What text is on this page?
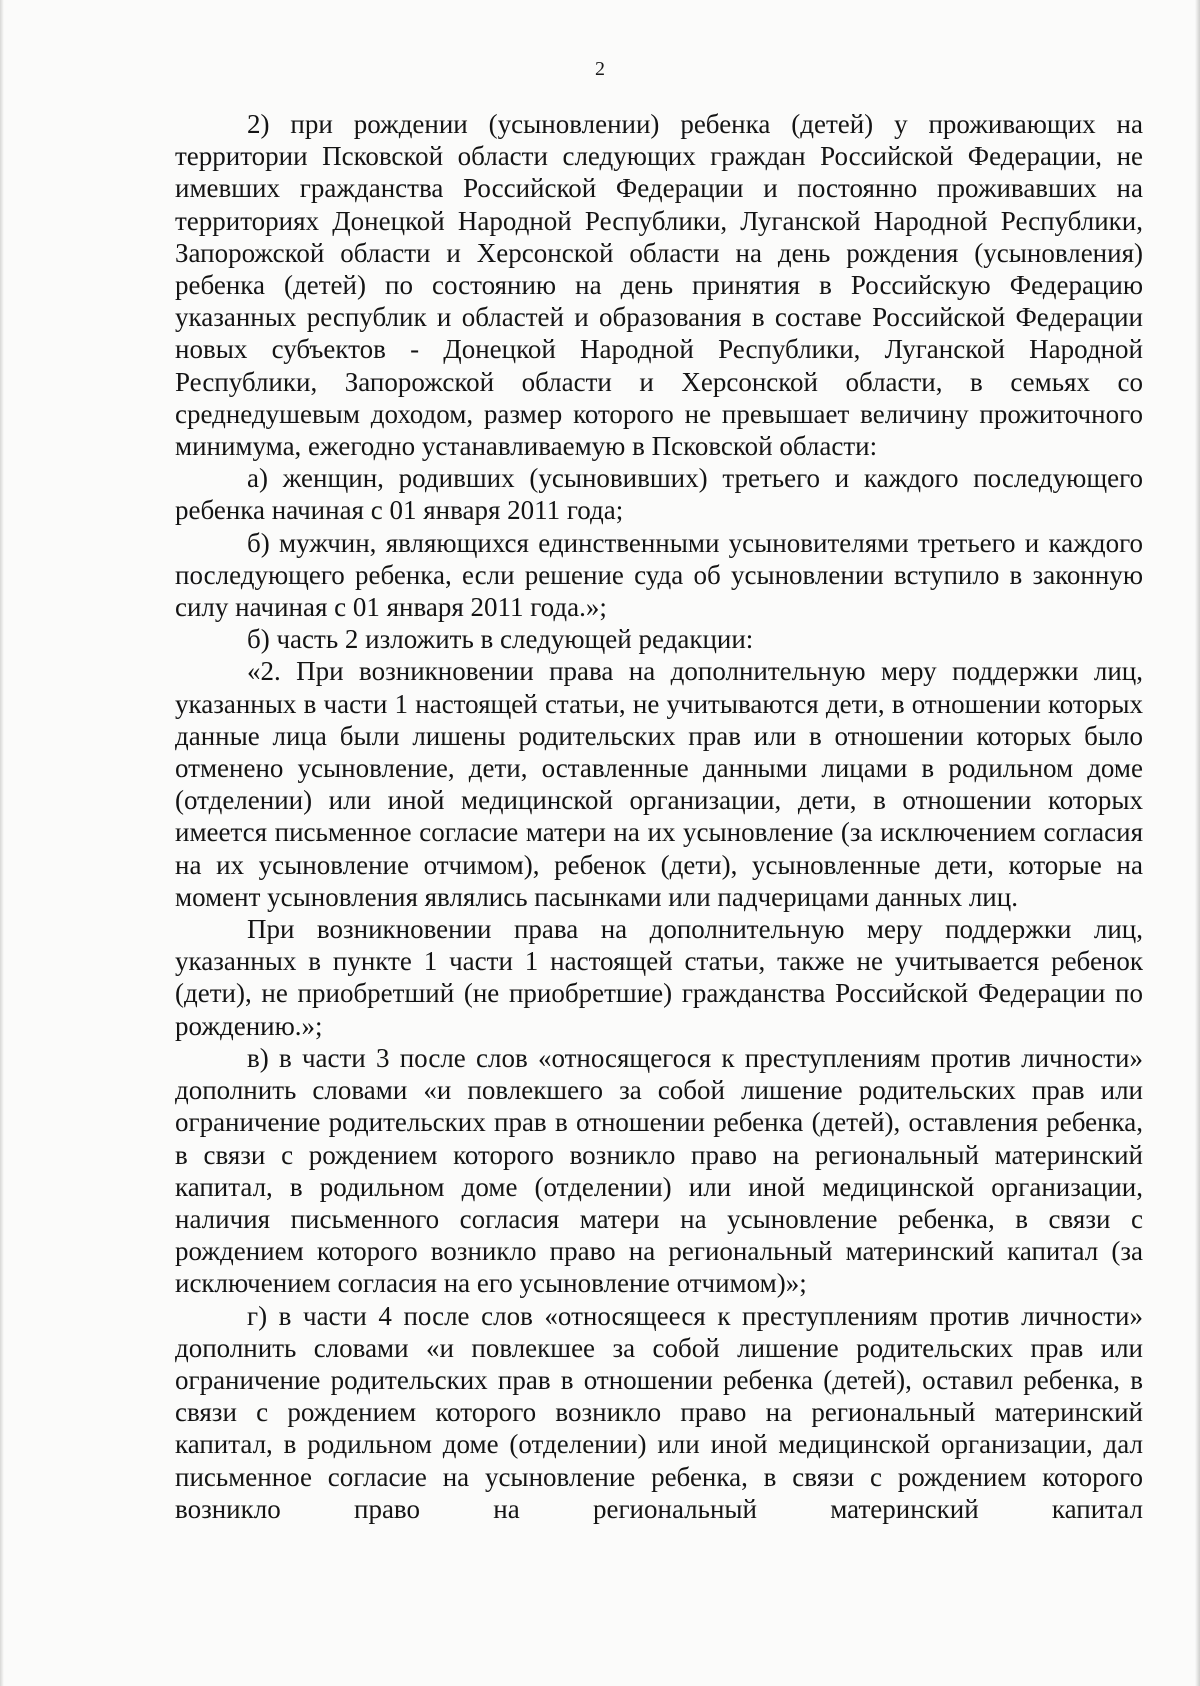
2

2) при рождении (усыновлении) ребенка (детей) у проживающих на территории Псковской области следующих граждан Российской Федерации, не имевших гражданства Российской Федерации и постоянно проживавших на территориях Донецкой Народной Республики, Луганской Народной Республики, Запорожской области и Херсонской области на день рождения (усыновления) ребенка (детей) по состоянию на день принятия в Российскую Федерацию указанных республик и областей и образования в составе Российской Федерации новых субъектов - Донецкой Народной Республики, Луганской Народной Республики, Запорожской области и Херсонской области, в семьях со среднедушевым доходом, размер которого не превышает величину прожиточного минимума, ежегодно устанавливаемую в Псковской области:

а) женщин, родивших (усыновивших) третьего и каждого последующего ребенка начиная с 01 января 2011 года;

б) мужчин, являющихся единственными усыновителями третьего и каждого последующего ребенка, если решение суда об усыновлении вступило в законную силу начиная с 01 января 2011 года.»;

б) часть 2 изложить в следующей редакции:

«2. При возникновении права на дополнительную меру поддержки лиц, указанных в части 1 настоящей статьи, не учитываются дети, в отношении которых данные лица были лишены родительских прав или в отношении которых было отменено усыновление, дети, оставленные данными лицами в родильном доме (отделении) или иной медицинской организации, дети, в отношении которых имеется письменное согласие матери на их усыновление (за исключением согласия на их усыновление отчимом), ребенок (дети), усыновленные дети, которые на момент усыновления являлись пасынками или падчерицами данных лиц.

При возникновении права на дополнительную меру поддержки лиц, указанных в пункте 1 части 1 настоящей статьи, также не учитывается ребенок (дети), не приобретший (не приобретшие) гражданства Российской Федерации по рождению.»;

в) в части 3 после слов «относящегося к преступлениям против личности» дополнить словами «и повлекшего за собой лишение родительских прав или ограничение родительских прав в отношении ребенка (детей), оставления ребенка, в связи с рождением которого возникло право на региональный материнский капитал, в родильном доме (отделении) или иной медицинской организации, наличия письменного согласия матери на усыновление ребенка, в связи с рождением которого возникло право на региональный материнский капитал (за исключением согласия на его усыновление отчимом)»;

г) в части 4 после слов «относящееся к преступлениям против личности» дополнить словами «и повлекшее за собой лишение родительских прав или ограничение родительских прав в отношении ребенка (детей), оставил ребенка, в связи с рождением которого возникло право на региональный материнский капитал, в родильном доме (отделении) или иной медицинской организации, дал письменное согласие на усыновление ребенка, в связи с рождением которого возникло право на региональный материнский капитал
